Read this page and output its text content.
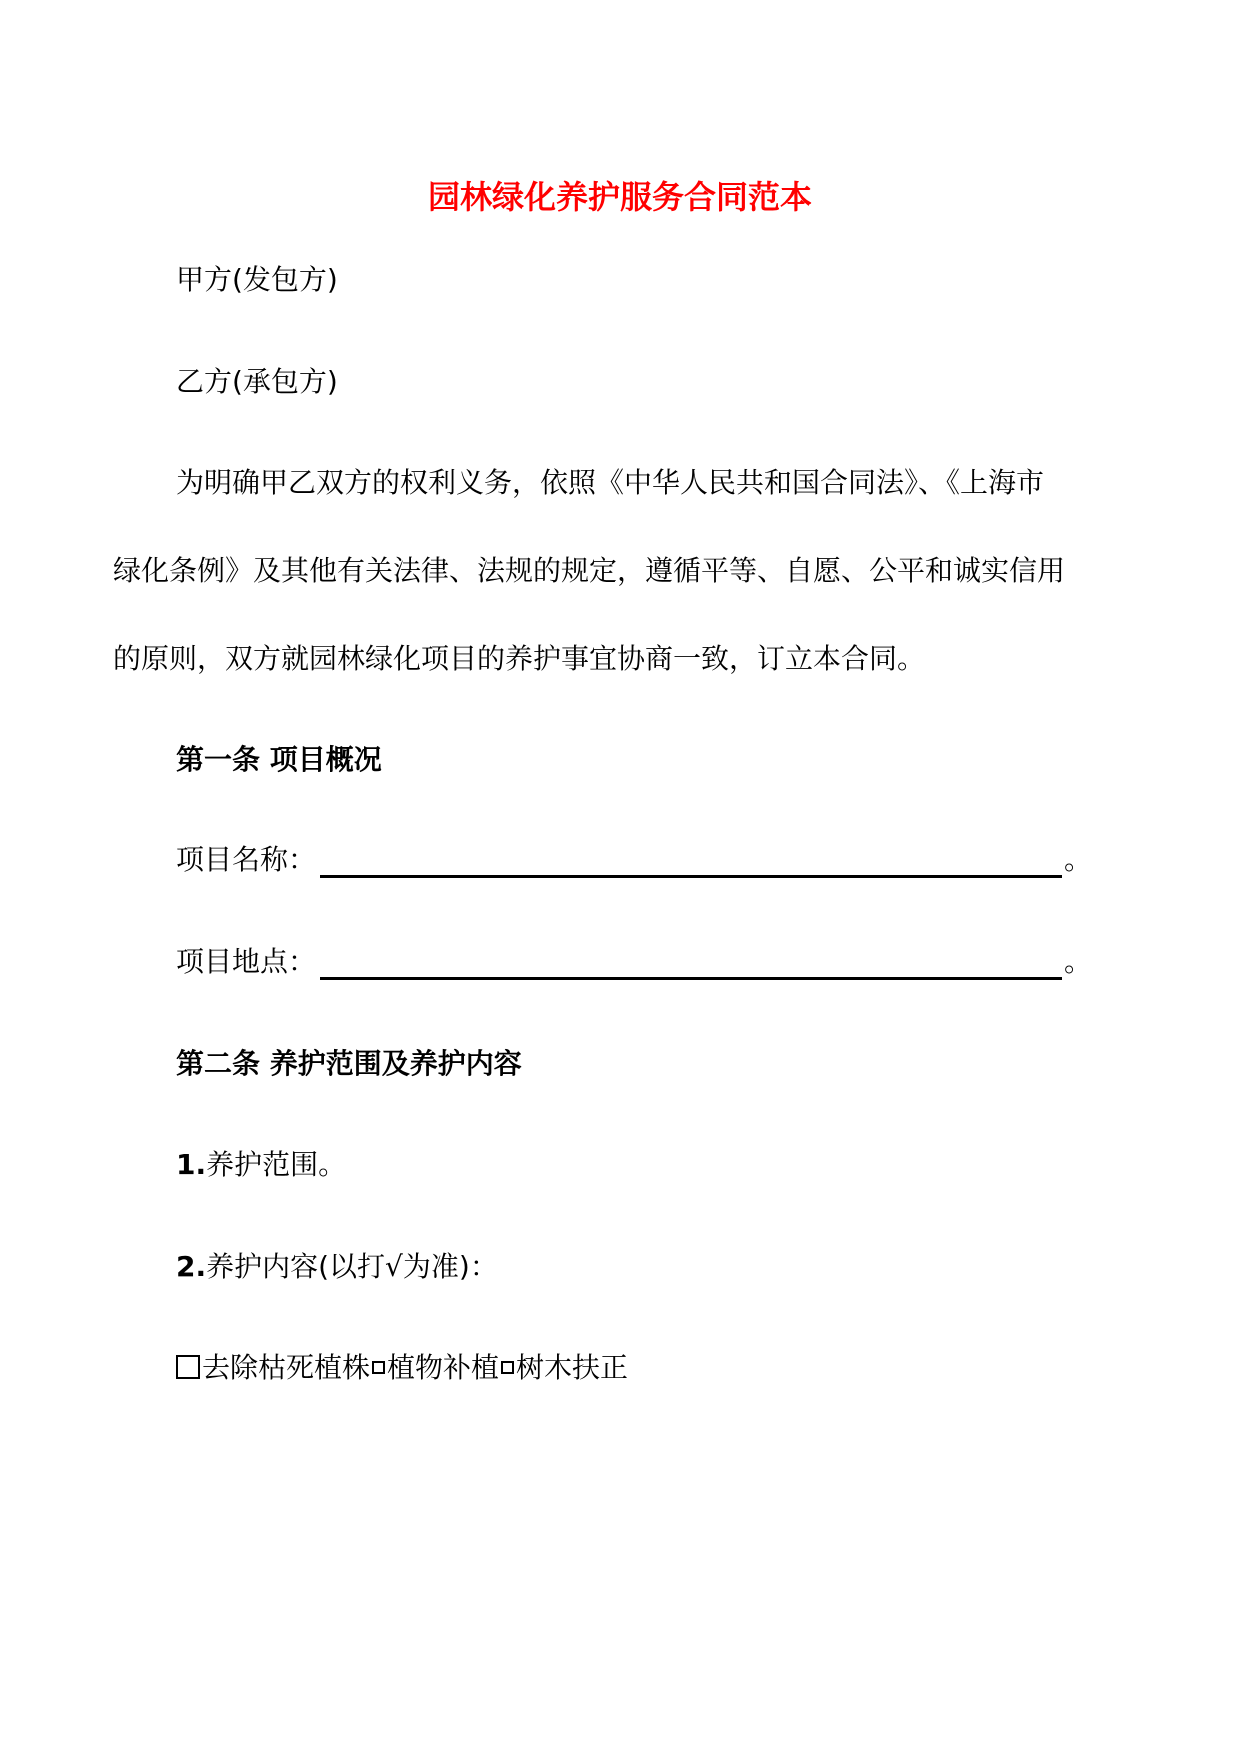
园林绿化养护服务合同范本
甲方(发包方)
乙方(承包方)
为明确甲乙双方的权利义务，依照《中华人民共和国合同法》、《上海市
绿化条例》及其他有关法律、法规的规定，遵循平等、自愿、公平和诚实信用
的原则，双方就园林绿化项目的养护事宜协商一致，订立本合同。
第一条 项目概况
项目名称：	。
项目地点：	。
第二条 养护范围及养护内容
1.养护范围。
2.养护内容(以打√为准)：
去除枯死植株 植物补植 树木扶正
